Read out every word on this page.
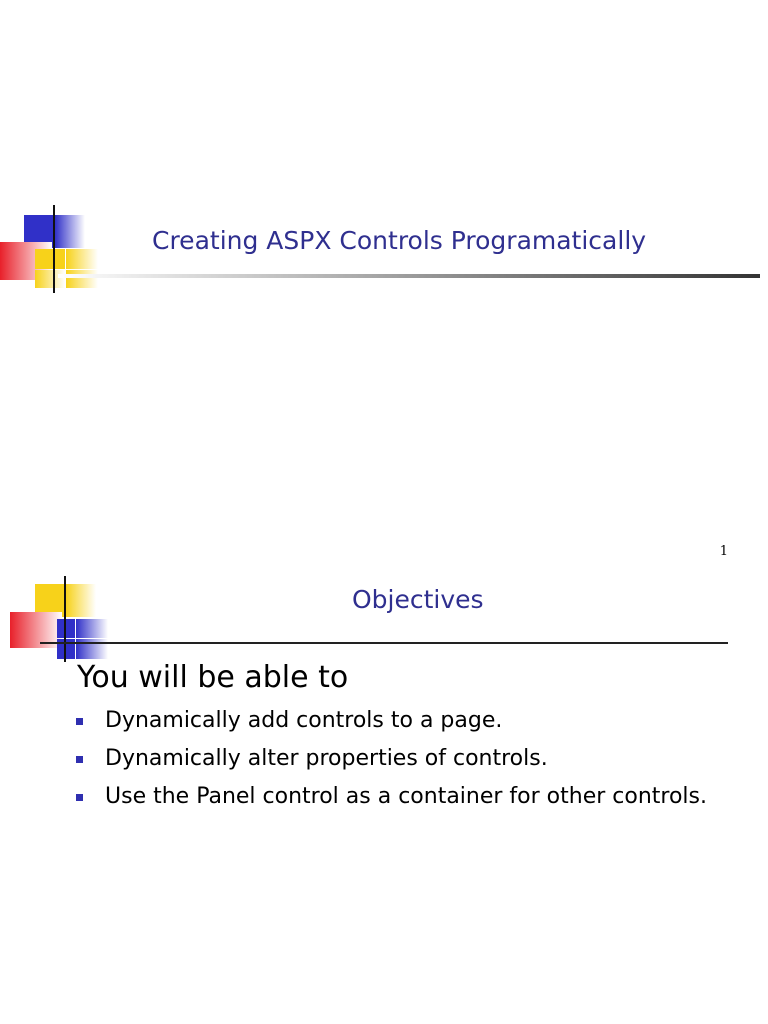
Creating ASPX Controls Programatically
1
Objectives
You will be able to
Dynamically add controls to a page.
Dynamically alter properties of controls.
Use the Panel control as a container for other controls.
